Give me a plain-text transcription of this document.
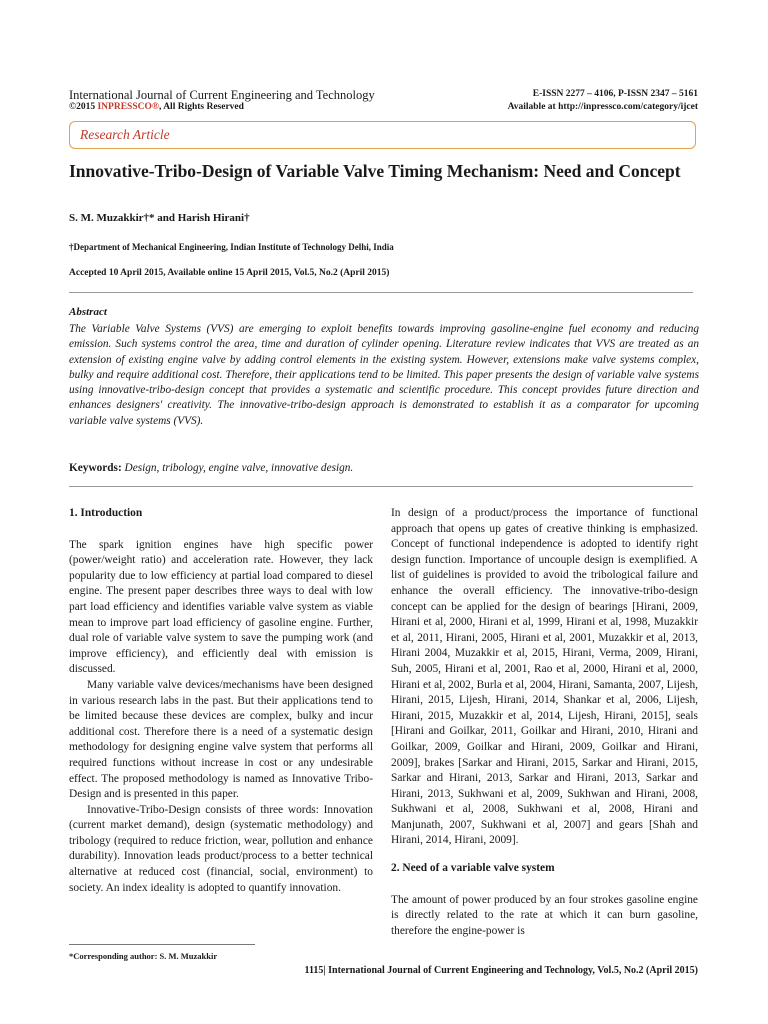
International Journal of Current Engineering and Technology
©2015 INPRESSCO®, All Rights Reserved
E-ISSN 2277 – 4106, P-ISSN 2347 – 5161
Available at http://inpressco.com/category/ijcet
Research Article
Innovative-Tribo-Design of Variable Valve Timing Mechanism: Need and Concept
S. M. Muzakkir†* and Harish Hirani†
†Department of Mechanical Engineering, Indian Institute of Technology Delhi, India
Accepted 10 April 2015, Available online 15 April 2015, Vol.5, No.2 (April 2015)
Abstract
The Variable Valve Systems (VVS) are emerging to exploit benefits towards improving gasoline-engine fuel economy and reducing emission. Such systems control the area, time and duration of cylinder opening. Literature review indicates that VVS are treated as an extension of existing engine valve by adding control elements in the existing system. However, extensions make valve systems complex, bulky and require additional cost. Therefore, their applications tend to be limited. This paper presents the design of variable valve systems using innovative-tribo-design concept that provides a systematic and scientific procedure. This concept provides future direction and enhances designers' creativity. The innovative-tribo-design approach is demonstrated to establish it as a comparator for upcoming variable valve systems (VVS).
Keywords: Design, tribology, engine valve, innovative design.

1. Introduction

The spark ignition engines have high specific power (power/weight ratio) and acceleration rate. However, they lack popularity due to low efficiency at partial load compared to diesel engine. The present paper describes three ways to deal with low part load efficiency and identifies variable valve system as viable mean to improve part load efficiency of gasoline engine. Further, dual role of variable valve system to save the pumping work (and improve efficiency), and efficiently deal with emission is discussed.

Many variable valve devices/mechanisms have been designed in various research labs in the past. But their applications tend to be limited because these devices are complex, bulky and incur additional cost. Therefore there is a need of a systematic design methodology for designing engine valve system that performs all required functions without increase in cost or any undesirable effect. The proposed methodology is named as Innovative Tribo-Design and is presented in this paper.

Innovative-Tribo-Design consists of three words: Innovation (current market demand), design (systematic methodology) and tribology (required to reduce friction, wear, pollution and enhance durability). Innovation leads product/process to a better technical alternative at reduced cost (financial, social, environment) to society. An index ideality is adopted to quantify innovation.

In design of a product/process the importance of functional approach that opens up gates of creative thinking is emphasized. Concept of functional independence is adopted to identify right design function. Importance of uncouple design is exemplified. A list of guidelines is provided to avoid the tribological failure and enhance the overall efficiency. The innovative-tribo-design concept can be applied for the design of bearings [Hirani, 2009, Hirani et al, 2000, Hirani et al, 1999, Hirani et al, 1998, Muzakkir et al, 2011, Hirani, 2005, Hirani et al, 2001, Muzakkir et al, 2013, Hirani 2004, Muzakkir et al, 2015, Hirani, Verma, 2009, Hirani, Suh, 2005, Hirani et al, 2001, Rao et al, 2000, Hirani et al, 2000, Hirani et al, 2002, Burla et al, 2004, Hirani, Samanta, 2007, Lijesh, Hirani, 2015, Lijesh, Hirani, 2014, Shankar et al, 2006, Lijesh, Hirani, 2015, Muzakkir et al, 2014, Lijesh, Hirani, 2015], seals [Hirani and Goilkar, 2011, Goilkar and Hirani, 2010, Hirani and Goilkar, 2009, Goilkar and Hirani, 2009, Goilkar and Hirani, 2009], brakes [Sarkar and Hirani, 2015, Sarkar and Hirani, 2015, Sarkar and Hirani, 2013, Sarkar and Hirani, 2013, Sarkar and Hirani, 2013, Sukhwani et al, 2009, Sukhwan and Hirani, 2008, Sukhwani et al, 2008, Sukhwani et al, 2008, Hirani and Manjunath, 2007, Sukhwani et al, 2007] and gears [Shah and Hirani, 2014, Hirani, 2009].

2. Need of a variable valve system

The amount of power produced by an four strokes gasoline engine is directly related to the rate at which it can burn gasoline, therefore the engine-power is

*Corresponding author: S. M. Muzakkir
1115| International Journal of Current Engineering and Technology, Vol.5, No.2 (April 2015)
